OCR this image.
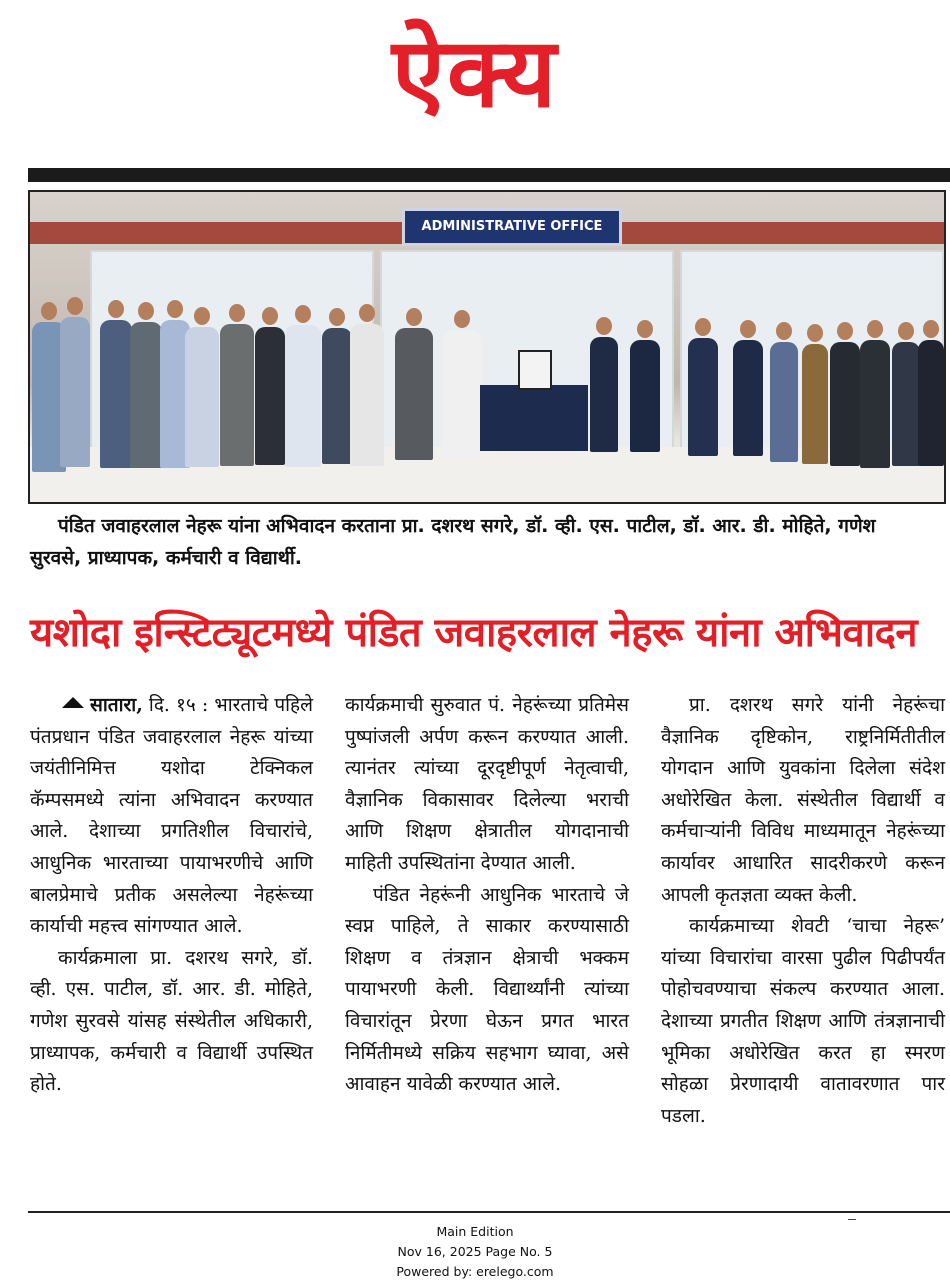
ऐक्य
ADMINISTRATIVE OFFICE
पंडित जवाहरलाल नेहरू यांना अभिवादन करताना प्रा. दशरथ सगरे, डॉ. व्ही. एस. पाटील, डॉ. आर. डी. मोहिते, गणेश सुरवसे, प्राध्यापक, कर्मचारी व विद्यार्थी.
यशोदा इन्स्टिट्यूटमध्ये पंडित जवाहरलाल नेहरू यांना अभिवादन

सातारा, दि. १५ : भारताचे पहिले पंतप्रधान पंडित जवाहरलाल नेहरू यांच्या जयंतीनिमित्त यशोदा टेक्निकल कॅम्पसमध्ये त्यांना अभिवादन करण्यात आले. देशाच्या प्रगतिशील विचारांचे, आधुनिक भारताच्या पायाभरणीचे आणि बालप्रेमाचे प्रतीक असलेल्या नेहरूंच्या कार्याची महत्त्व सांगण्यात आले.

कार्यक्रमाला प्रा. दशरथ सगरे, डॉ. व्ही. एस. पाटील, डॉ. आर. डी. मोहिते, गणेश सुरवसे यांसह संस्थेतील अधिकारी, प्राध्यापक, कर्मचारी व विद्यार्थी उपस्थित होते.

कार्यक्रमाची सुरुवात पं. नेहरूंच्या प्रतिमेस पुष्पांजली अर्पण करून करण्यात आली. त्यानंतर त्यांच्या दूरदृष्टीपूर्ण नेतृत्वाची, वैज्ञानिक विकासावर दिलेल्या भराची आणि शिक्षण क्षेत्रातील योगदानाची माहिती उपस्थितांना देण्यात आली.

पंडित नेहरूंनी आधुनिक भारताचे जे स्वप्न पाहिले, ते साकार करण्यासाठी शिक्षण व तंत्रज्ञान क्षेत्राची भक्कम पायाभरणी केली. विद्यार्थ्यांनी त्यांच्या विचारांतून प्रेरणा घेऊन प्रगत भारत निर्मितीमध्ये सक्रिय सहभाग घ्यावा, असे आवाहन यावेळी करण्यात आले.

प्रा. दशरथ सगरे यांनी नेहरूंचा वैज्ञानिक दृष्टिकोन, राष्ट्रनिर्मितीतील योगदान आणि युवकांना दिलेला संदेश अधोरेखित केला. संस्थेतील विद्यार्थी व कर्मचाऱ्यांनी विविध माध्यमातून नेहरूंच्या कार्यावर आधारित सादरीकरणे करून आपली कृतज्ञता व्यक्त केली.

कार्यक्रमाच्या शेवटी ‘चाचा नेहरू’ यांच्या विचारांचा वारसा पुढील पिढीपर्यंत पोहोचवण्याचा संकल्प करण्यात आला. देशाच्या प्रगतीत शिक्षण आणि तंत्रज्ञानाची भूमिका अधोरेखित करत हा स्मरण सोहळा प्रेरणादायी वातावरणात पार पडला.

Main Edition
Nov 16, 2025 Page No. 5
Powered by: erelego.com
